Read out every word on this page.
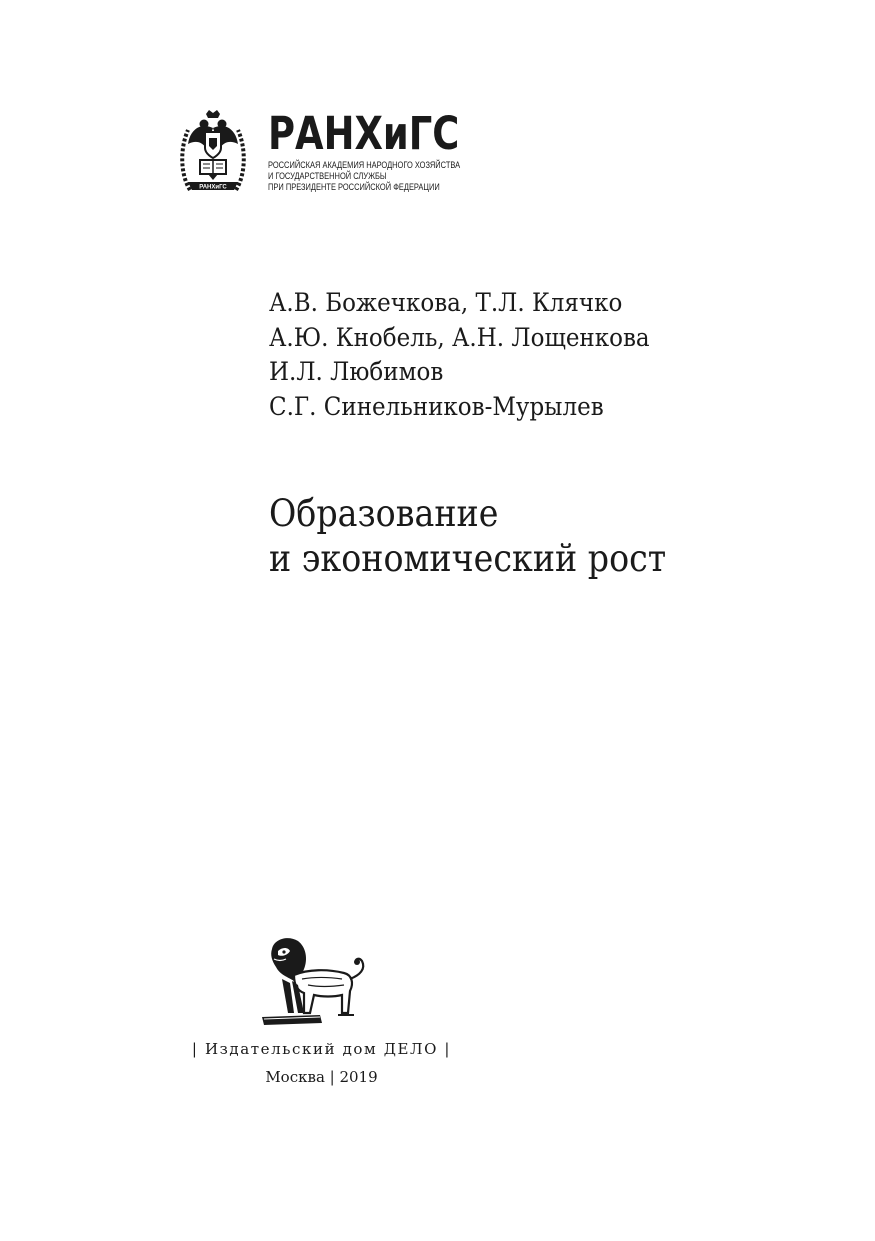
РАНХиГС
РАНХиГС
РОССИЙСКАЯ АКАДЕМИЯ НАРОДНОГО ХОЗЯЙСТВА
И ГОСУДАРСТВЕННОЙ СЛУЖБЫ
ПРИ ПРЕЗИДЕНТЕ РОССИЙСКОЙ ФЕДЕРАЦИИ
А.В. Божечкова, Т.Л. Клячко
А.Ю. Кнобель, А.Н. Лощенкова
И.Л. Любимов
С.Г. Синельников-Мурылев
Образование
и экономический рост
| Издательский дом ДЕЛО |
Москва | 2019
